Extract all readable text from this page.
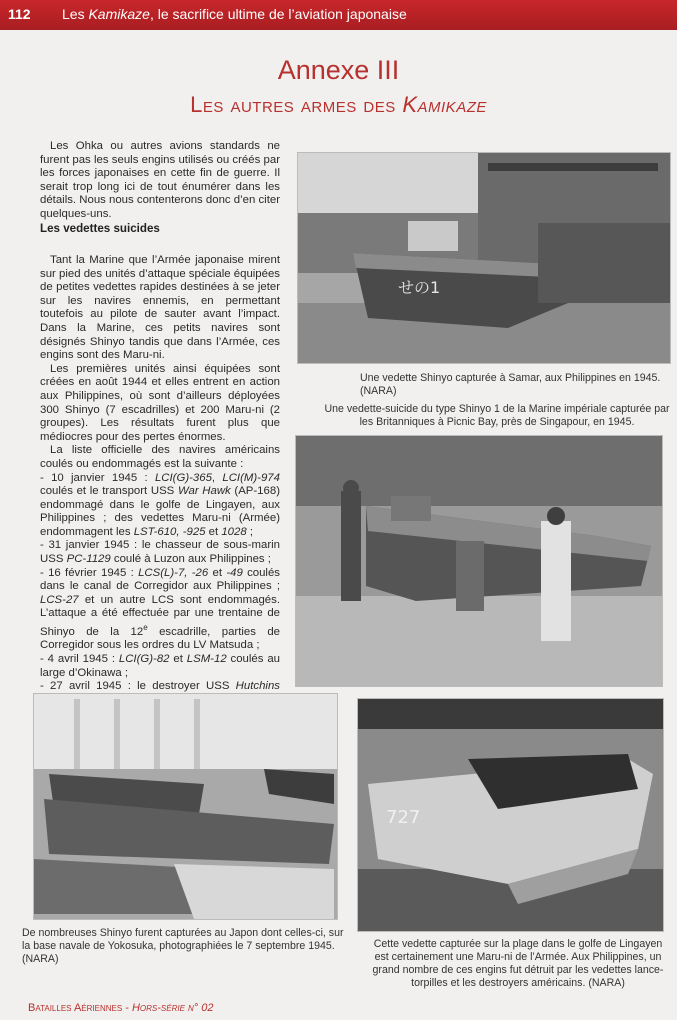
112 Les Kamikaze, le sacrifice ultime de l’aviation japonaise
Annexe III
Les autres armes des Kamikaze

Les Ohka ou autres avions standards ne furent pas les seuls engins utilisés ou créés par les forces japonaises en cette fin de guerre. Il serait trop long ici de tout énumérer dans les détails. Nous nous contenterons donc d’en citer quelques-uns.

Les vedettes suicides

Tant la Marine que l’Armée japonaise mirent sur pied des unités d’attaque spéciale équipées de petites vedettes rapides destinées à se jeter sur les navires ennemis, en permettant toutefois au pilote de sauter avant l’impact. Dans la Marine, ces petits navires sont désignés Shinyo tandis que dans l’Armée, ces engins sont des Maru-ni.

Les premières unités ainsi équipées sont créées en août 1944 et elles entrent en action aux Philippines, où sont d’ailleurs déployées 300 Shinyo (7 escadrilles) et 200 Maru-ni (2 groupes). Les résultats furent plus que médiocres pour des pertes énormes.

La liste officielle des navires américains coulés ou endommagés est la suivante :

- 10 janvier 1945 : LCI(G)-365, LCI(M)-974 coulés et le transport USS War Hawk (AP-168) endommagé dans le golfe de Lingayen, aux Philippines ; des vedettes Maru-ni (Armée) endommagent les LST-610, -925 et 1028 ;

- 31 janvier 1945 : le chasseur de sous-marin USS PC-1129 coulé à Luzon aux Philippines ;

- 16 février 1945 : LCS(L)-7, -26 et -49 coulés dans le canal de Corregidor aux Philippines ; LCS-27 et un autre LCS sont endommagés. L’attaque a été effectuée par une trentaine de Shinyo de la 12e escadrille, parties de Corregidor sous les ordres du LV Matsuda ;

- 4 avril 1945 : LCI(G)-82 et LSM-12 coulés au large d’Okinawa ;

- 27 avril 1945 : le destroyer USS Hutchins

せの1
Une vedette Shinyo capturée à Samar, aux Philippines en 1945. (NARA)
Une vedette-suicide du type Shinyo 1 de la Marine impériale capturée par les Britanniques à Picnic Bay, près de Singapour, en 1945.
De nombreuses Shinyo furent capturées au Japon dont celles-ci, sur la base navale de Yokosuka, photographiées le 7 septembre 1945. (NARA)
727
Cette vedette capturée sur la plage dans le golfe de Lingayen est certainement une Maru-ni de l’Armée. Aux Philippines, un grand nombre de ces engins fut détruit par les vedettes lance-torpilles et les destroyers américains. (NARA)
Batailles Aériennes - Hors-série n° 02
